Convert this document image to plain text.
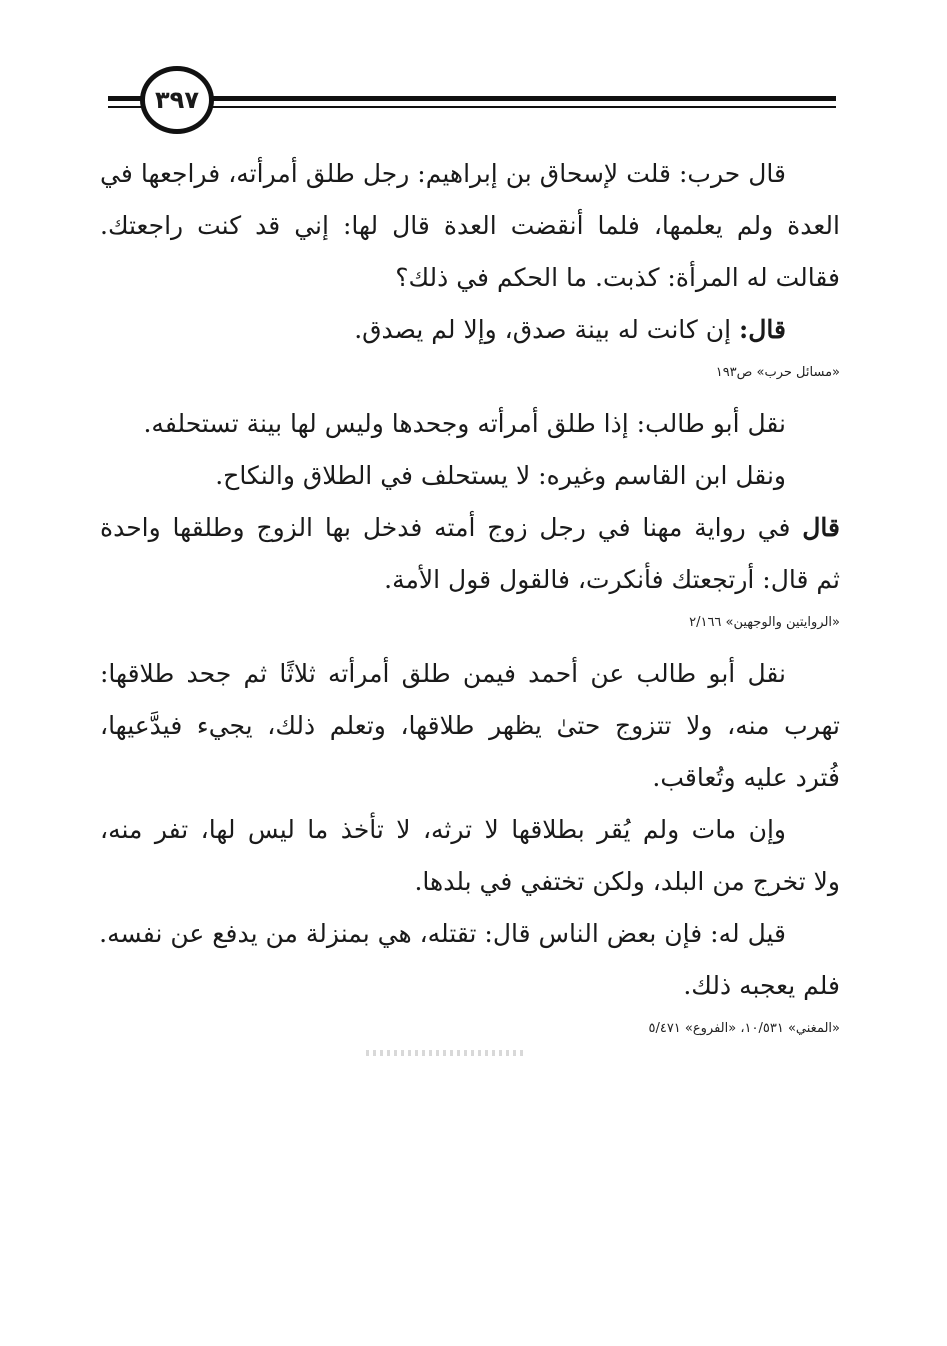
٣٩٧

قال حرب: قلت لإسحاق بن إبراهيم: رجل طلق أمرأته، فراجعها في

العدة ولم يعلمها، فلما أنقضت العدة قال لها: إني قد كنت راجعتك.

فقالت له المرأة: كذبت. ما الحكم في ذلك؟

قال: إن كانت له بينة صدق، وإلا لم يصدق.

«مسائل حرب» ص١٩٣

نقل أبو طالب: إذا طلق أمرأته وجحدها وليس لها بينة تستحلفه.

ونقل ابن القاسم وغيره: لا يستحلف في الطلاق والنكاح.

قال في رواية مهنا في رجل زوج أمته فدخل بها الزوج وطلقها واحدة

ثم قال: أرتجعتك فأنكرت، فالقول قول الأمة.

«الروايتين والوجهين» ٢/١٦٦

نقل أبو طالب عن أحمد فيمن طلق أمرأته ثلاثًا ثم جحد طلاقها:

تهرب منه، ولا تتزوج حتىٰ يظهر طلاقها، وتعلم ذلك، يجيء فيدَّعيها،

فُترد عليه وتُعاقب.

وإن مات ولم يُقر بطلاقها لا ترثه، لا تأخذ ما ليس لها، تفر منه،

ولا تخرج من البلد، ولكن تختفي في بلدها.

قيل له: فإن بعض الناس قال: تقتله، هي بمنزلة من يدفع عن نفسه.

فلم يعجبه ذلك.

«المغني» ١٠/٥٣١، «الفروع» ٥/٤٧١
